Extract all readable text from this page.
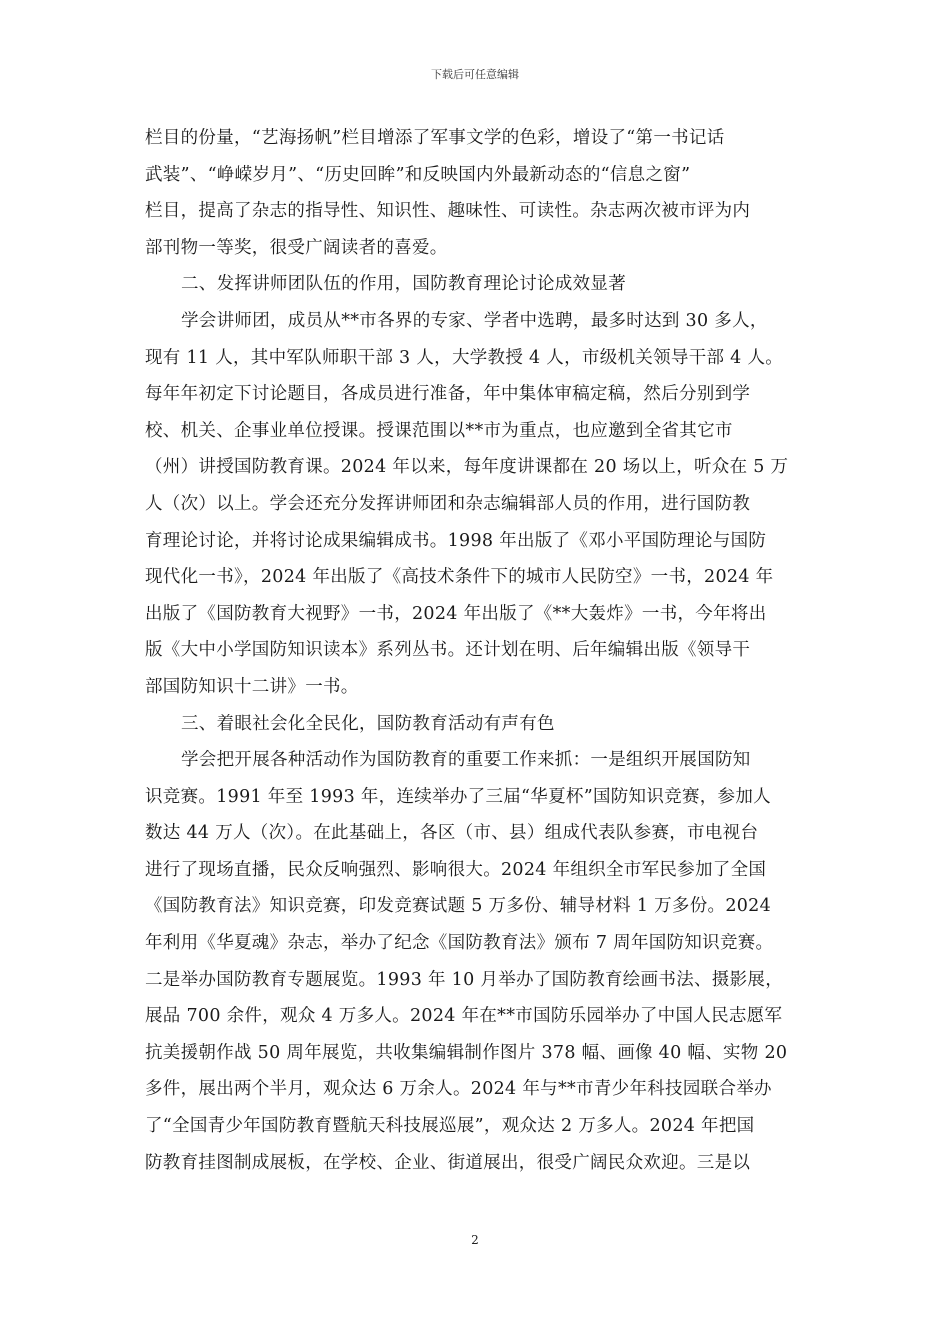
下载后可任意编辑
栏目的份量，“艺海扬帆”栏目增添了军事文学的色彩，增设了“第一书记话
武装”、“峥嵘岁月”、“历史回眸”和反映国内外最新动态的“信息之窗”
栏目，提高了杂志的指导性、知识性、趣味性、可读性。杂志两次被市评为内
部刊物一等奖，很受广阔读者的喜爱。
二、发挥讲师团队伍的作用，国防教育理论讨论成效显著
学会讲师团，成员从**市各界的专家、学者中选聘，最多时达到 30 多人，
现有 11 人，其中军队师职干部 3 人，大学教授 4 人，市级机关领导干部 4 人。
每年年初定下讨论题目，各成员进行准备，年中集体审稿定稿，然后分别到学
校、机关、企事业单位授课。授课范围以**市为重点，也应邀到全省其它市
（州）讲授国防教育课。2024 年以来，每年度讲课都在 20 场以上，听众在 5 万
人（次）以上。学会还充分发挥讲师团和杂志编辑部人员的作用，进行国防教
育理论讨论，并将讨论成果编辑成书。1998 年出版了《邓小平国防理论与国防
现代化一书》，2024 年出版了《高技术条件下的城市人民防空》一书，2024 年
出版了《国防教育大视野》一书，2024 年出版了《**大轰炸》一书，今年将出
版《大中小学国防知识读本》系列丛书。还计划在明、后年编辑出版《领导干
部国防知识十二讲》一书。
三、着眼社会化全民化，国防教育活动有声有色
学会把开展各种活动作为国防教育的重要工作来抓：一是组织开展国防知
识竞赛。1991 年至 1993 年，连续举办了三届“华夏杯”国防知识竞赛，参加人
数达 44 万人（次）。在此基础上，各区（市、县）组成代表队参赛，市电视台
进行了现场直播，民众反响强烈、影响很大。2024 年组织全市军民参加了全国
《国防教育法》知识竞赛，印发竞赛试题 5 万多份、辅导材料 1 万多份。2024
年利用《华夏魂》杂志，举办了纪念《国防教育法》颁布 7 周年国防知识竞赛。
二是举办国防教育专题展览。1993 年 10 月举办了国防教育绘画书法、摄影展，
展品 700 余件，观众 4 万多人。2024 年在**市国防乐园举办了中国人民志愿军
抗美援朝作战 50 周年展览，共收集编辑制作图片 378 幅、画像 40 幅、实物 20
多件，展出两个半月，观众达 6 万余人。2024 年与**市青少年科技园联合举办
了“全国青少年国防教育暨航天科技展巡展”，观众达 2 万多人。2024 年把国
防教育挂图制成展板，在学校、企业、街道展出，很受广阔民众欢迎。三是以
2
